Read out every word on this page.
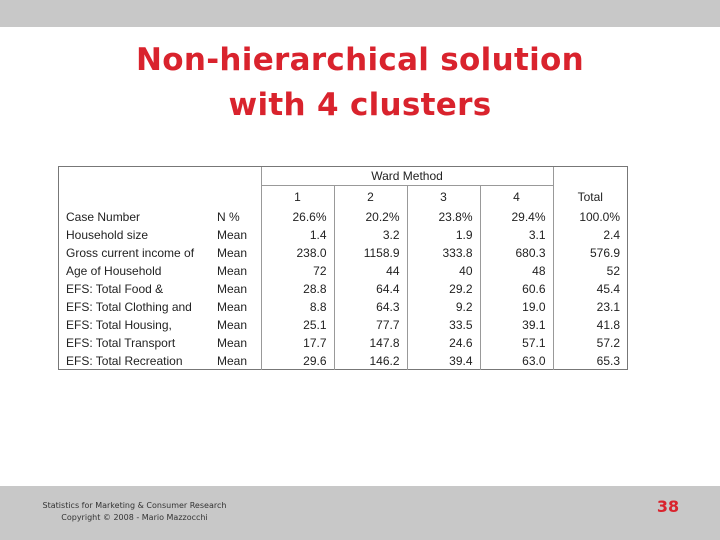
Non-hierarchical solution
with 4 clusters
		Ward Method				
		1	2	3	4	Total
Case Number	N %	26.6%	20.2%	23.8%	29.4%	100.0%
Household size	Mean	1.4	3.2	1.9	3.1	2.4
Gross current income of	Mean	238.0	1158.9	333.8	680.3	576.9
Age of Household	Mean	72	44	40	48	52
EFS: Total Food &	Mean	28.8	64.4	29.2	60.6	45.4
EFS: Total Clothing and	Mean	8.8	64.3	9.2	19.0	23.1
EFS: Total Housing,	Mean	25.1	77.7	33.5	39.1	41.8
EFS: Total Transport	Mean	17.7	147.8	24.6	57.1	57.2
EFS: Total Recreation	Mean	29.6	146.2	39.4	63.0	65.3
Statistics for Marketing & Consumer Research
Copyright © 2008 - Mario Mazzocchi
38
